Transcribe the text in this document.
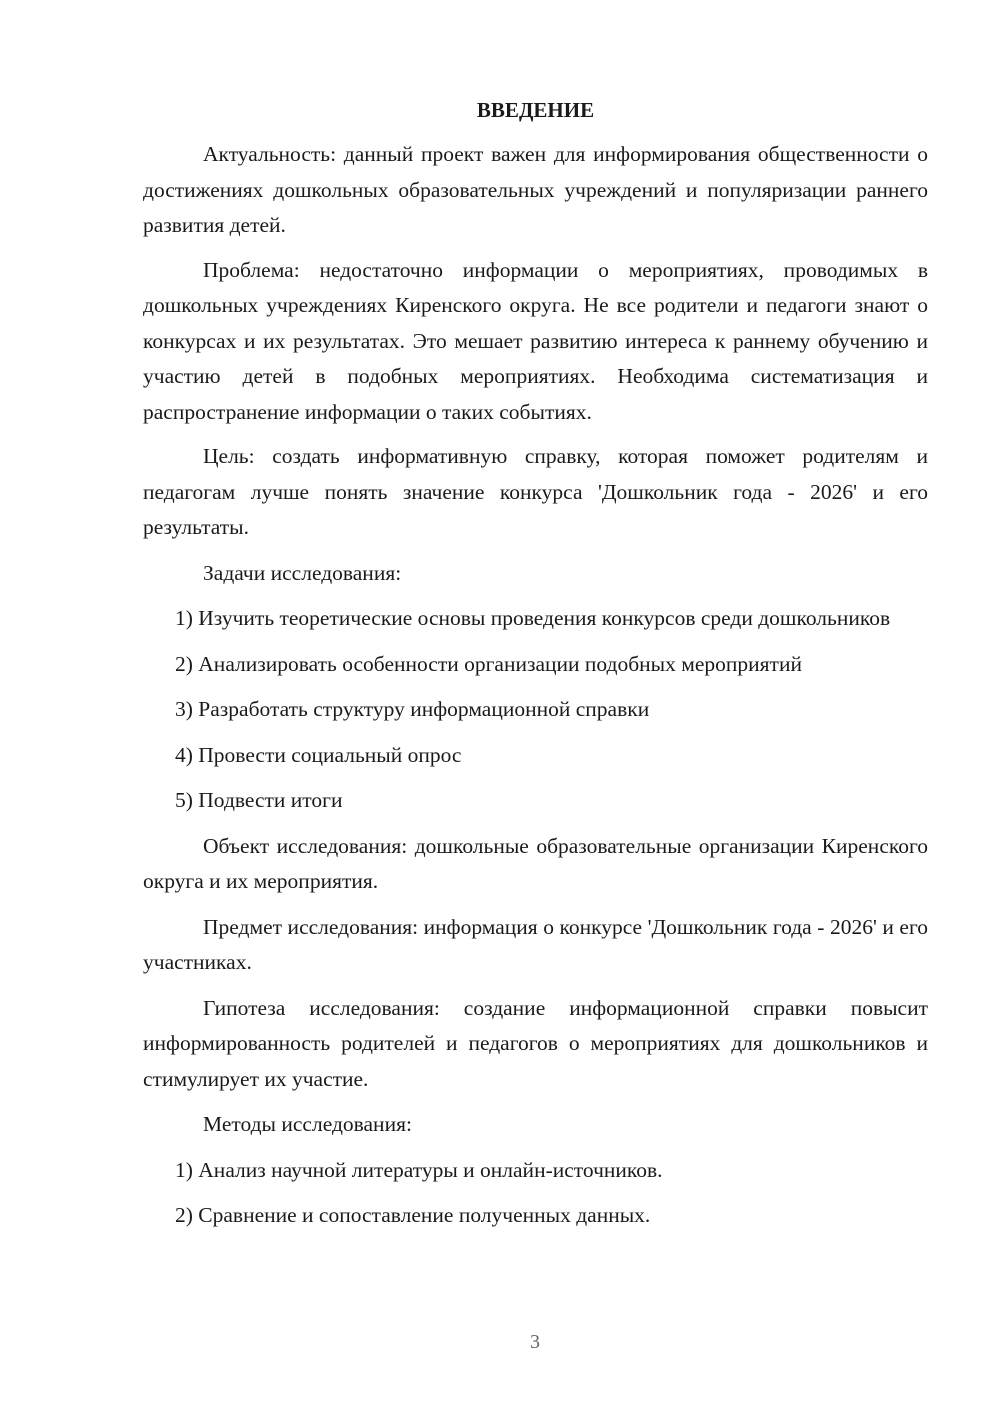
ВВЕДЕНИЕ

Актуальность: данный проект важен для информирования общественности о достижениях дошкольных образовательных учреждений и популяризации раннего развития детей.

Проблема: недостаточно информации о мероприятиях, проводимых в дошкольных учреждениях Киренского округа. Не все родители и педагоги знают о конкурсах и их результатах. Это мешает развитию интереса к раннему обучению и участию детей в подобных мероприятиях. Необходима систематизация и распространение информации о таких событиях.

Цель: создать информативную справку, которая поможет родителям и педагогам лучше понять значение конкурса 'Дошкольник года - 2026' и его результаты.

Задачи исследования:

1) Изучить теоретические основы проведения конкурсов среди дошкольников

2) Анализировать особенности организации подобных мероприятий

3) Разработать структуру информационной справки

4) Провести социальный опрос

5) Подвести итоги

Объект исследования: дошкольные образовательные организации Киренского округа и их мероприятия.

Предмет исследования: информация о конкурсе 'Дошкольник года - 2026' и его участниках.

Гипотеза исследования: создание информационной справки повысит информированность родителей и педагогов о мероприятиях для дошкольников и стимулирует их участие.

Методы исследования:

1) Анализ научной литературы и онлайн-источников.

2) Сравнение и сопоставление полученных данных.

3
